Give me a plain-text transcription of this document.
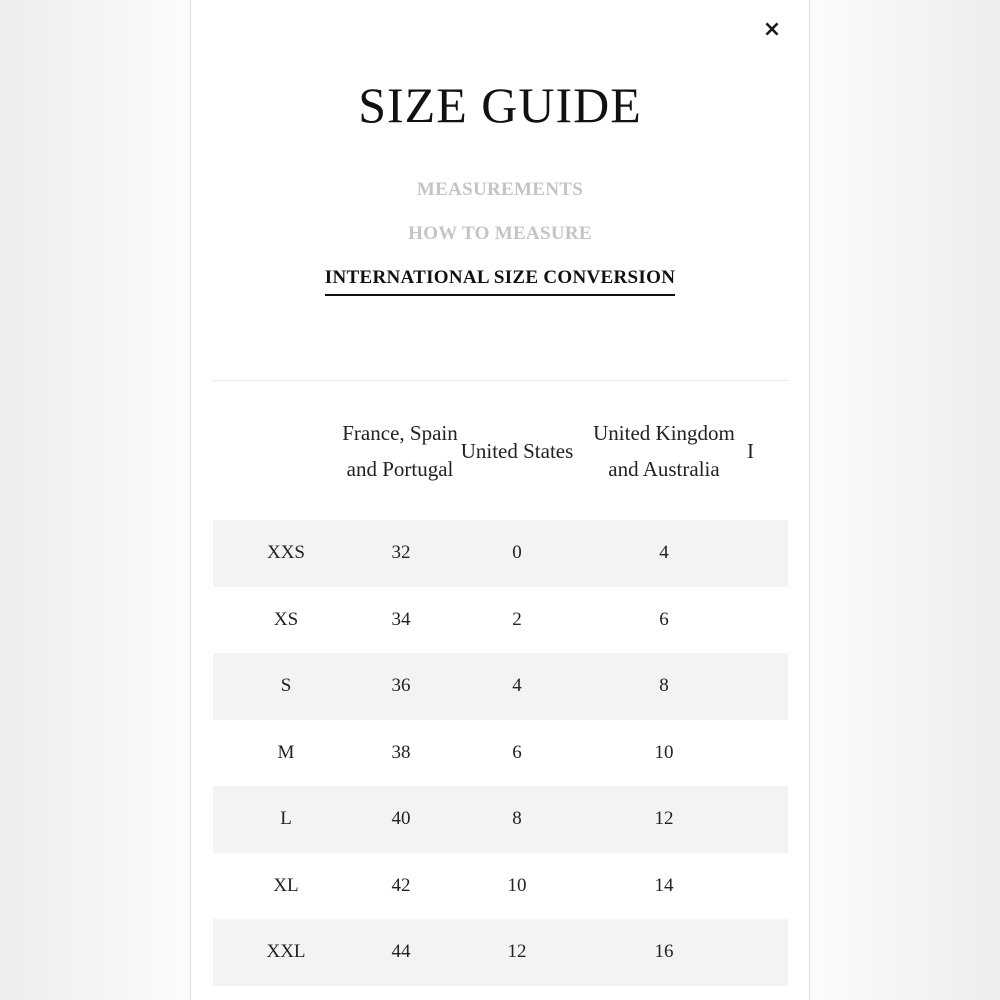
×
SIZE GUIDE
MEASUREMENTS
HOW TO MEASURE
INTERNATIONAL SIZE CONVERSION

	France, Spain and Portugal	United States	United Kingdom and Australia	I

XXS	32	0	4	
XS	34	2	6	
S	36	4	8	
M	38	6	10	
L	40	8	12	
XL	42	10	14	
XXL	44	12	16	
